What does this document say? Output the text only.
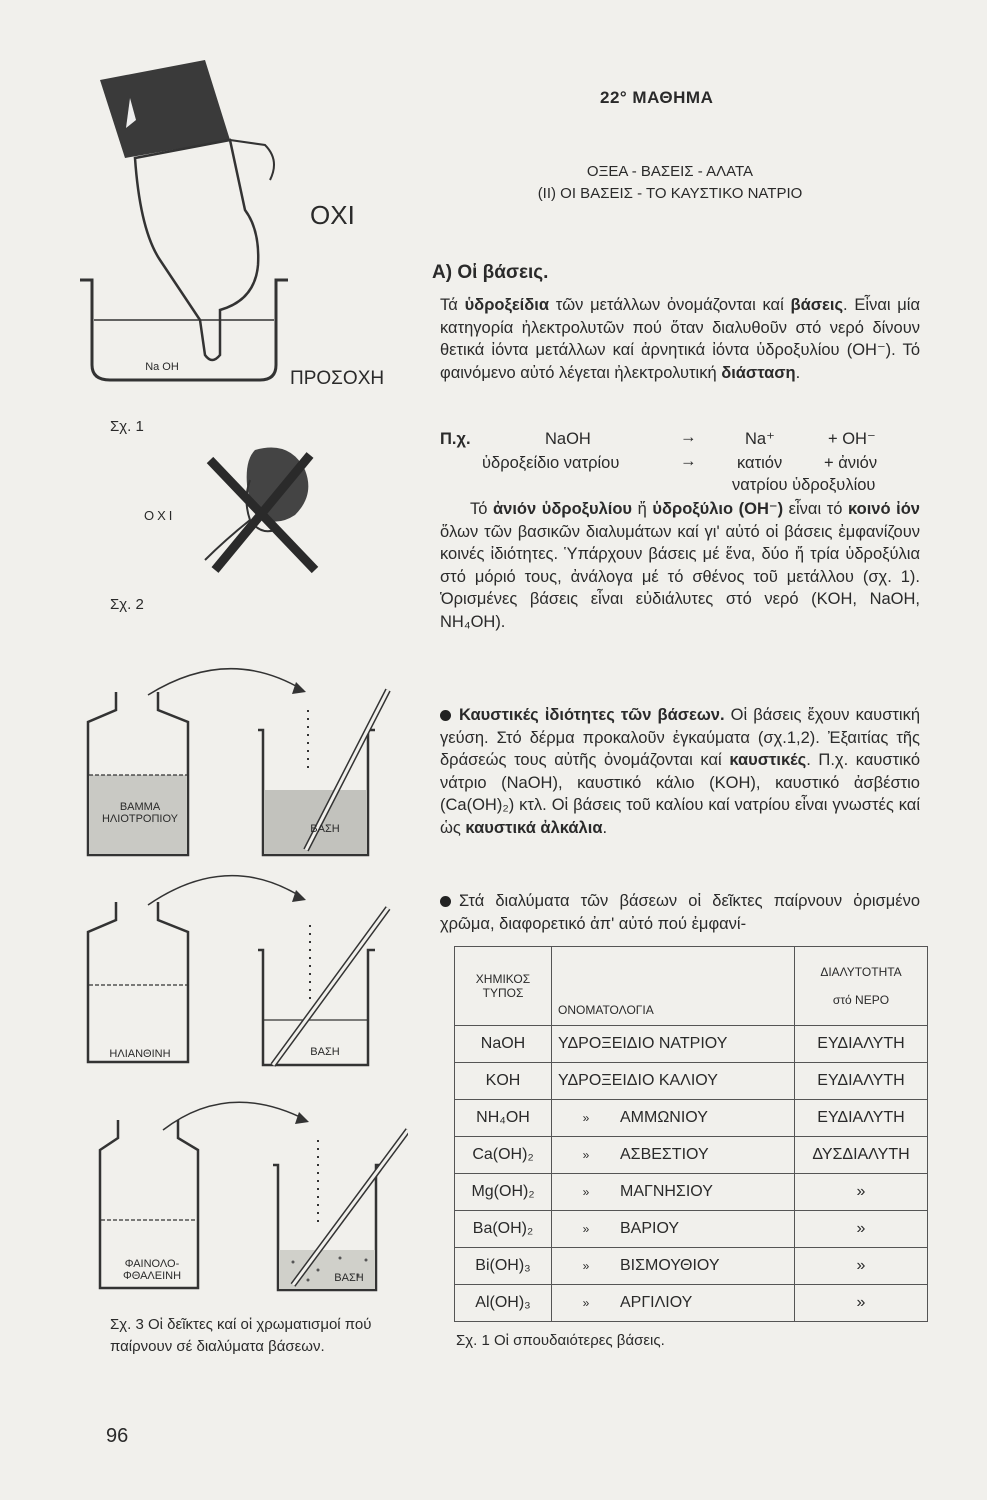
22° ΜΑΘΗΜΑ
ΟΞΕΑ - ΒΑΣΕΙΣ - ΑΛΑΤΑ
(ΙΙ) ΟΙ ΒΑΣΕΙΣ - ΤΟ ΚΑΥΣΤΙΚΟ ΝΑΤΡΙΟ
Α) Οἱ βάσεις.
Τά ὑδροξείδια τῶν μετάλλων ὀνομάζονται καί βάσεις. Εἶναι μία κατηγορία ἠλεκτρολυτῶν πού ὅταν διαλυθοῦν στό νερό δίνουν θετικά ἰόντα μετάλλων καί ἀρνητικά ἰόντα ὑδροξυλίου (OH⁻). Τό φαινόμενο αὐτό λέγεται ἠλεκτρολυτική διάσταση.
Π.χ.	NaOH	→	Na⁺	+ OH⁻
ὑδροξείδιο νατρίου	→ κατιόν	+ ἀνιόν
νατρίου ὑδροξυλίου
Τό ἀνιόν ὑδροξυλίου ἤ ὑδροξύλιο (OH⁻) εἶναι τό κοινό ἰόν ὅλων τῶν βασικῶν διαλυμάτων καί γι' αὐτό οἱ βάσεις ἐμφανίζουν κοινές ἰδιότητες. Ὑπάρχουν βάσεις μέ ἕνα, δύο ἤ τρία ὑδροξύλια στό μόριό τους, ἀνάλογα μέ τό σθένος τοῦ μετάλλου (σχ. 1). Ὁρισμένες βάσεις εἶναι εὐδιάλυτες στό νερό (KOH, NaOH, NH₄OH).
Καυστικές ἰδιότητες τῶν βάσεων. Οἱ βάσεις ἔχουν καυστική γεύση. Στό δέρμα προκαλοῦν ἐγκαύματα (σχ.1,2). Ἐξαιτίας τῆς δράσεώς τους αὐτῆς ὀνομάζονται καί καυστικές. Π.χ. καυστικό νάτριο (NaOH), καυστικό κάλιο (KOH), καυστικό ἀσβέστιο (Ca(OH)₂) κτλ. Οἱ βάσεις τοῦ καλίου καί νατρίου εἶναι γνωστές καί ὡς καυστικά ἀλκάλια.
Στά διαλύματα τῶν βάσεων οἱ δεῖκτες παίρνουν ὁρισμένο χρῶμα, διαφορετικό ἀπ' αὐτό πού ἐμφανί-
ΧΗΜΙΚΟΣ
ΤΥΠΟΣ	ΟΝΟΜΑΤΟΛΟΓΙΑ	ΔΙΑΛΥΤΟΤΗΤΑ

στό ΝΕΡΟ
NaOH	ΥΔΡΟΞΕΙΔΙΟ ΝΑΤΡΙΟΥ	ΕΥΔΙΑΛΥΤΗ
KOH	ΥΔΡΟΞΕΙΔΙΟ ΚΑΛΙΟΥ	ΕΥΔΙΑΛΥΤΗ
NH₄OH	» ΑΜΜΩΝΙΟΥ	ΕΥΔΙΑΛΥΤΗ
Ca(OH)₂	» ΑΣΒΕΣΤΙΟΥ	ΔΥΣΔΙΑΛΥΤΗ
Mg(OH)₂	» ΜΑΓΝΗΣΙΟΥ	»
Ba(OH)₂	» ΒΑΡΙΟΥ	»
Bi(OH)₃	» ΒΙΣΜΟΥΘΙΟΥ	»
Al(OH)₃	» ΑΡΓΙΛΙΟΥ	»
Σχ. 1 Οἱ σπουδαιότερες βάσεις.
ΟΧΙ
Na OH
ΠΡΟΣΟΧΗ
Σχ. 1
ΟΧΙ
Σχ. 2
ΒΑΜΜΑ
ΗΛΙΟΤΡΟΠΙΟΥ
ΒΑΣΗ
ΗΛΙΑΝΘΙΝΗ	ΒΑΣΗ
ΦΑΙΝΟΛΟ-
ΦΘΑΛΕΙΝΗ	ΒΑΣΗ
Σχ. 3 Οἱ δεῖκτες καί οἱ χρωματισμοί πού
παίρνουν σέ διαλύματα βάσεων.
96
